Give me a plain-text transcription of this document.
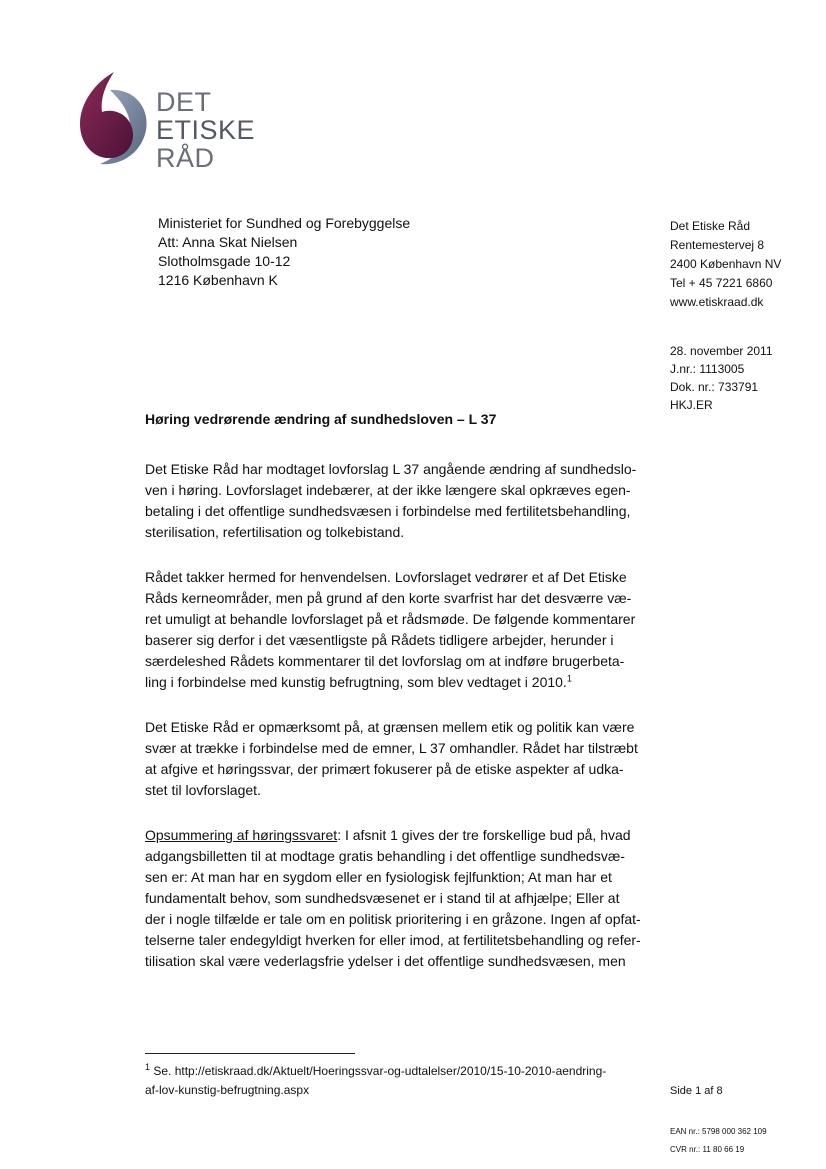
DET
ETISKE
RÅD
Ministeriet for Sundhed og Forebyggelse
Att: Anna Skat Nielsen
Slotholmsgade 10-12
1216 København K
Det Etiske Råd
Rentemestervej 8
2400 København NV
Tel + 45 7221 6860
www.etiskraad.dk
28. november 2011
J.nr.: 1113005
Dok. nr.: 733791
HKJ.ER
Høring vedrørende ændring af sundhedsloven – L 37

Det Etiske Råd har modtaget lovforslag L 37 angående ændring af sundhedslo-
ven i høring. Lovforslaget indebærer, at der ikke længere skal opkræves egen-
betaling i det offentlige sundhedsvæsen i forbindelse med fertilitetsbehandling,
sterilisation, refertilisation og tolkebistand.

Rådet takker hermed for henvendelsen. Lovforslaget vedrører et af Det Etiske
Råds kerneområder, men på grund af den korte svarfrist har det desværre væ-
ret umuligt at behandle lovforslaget på et rådsmøde. De følgende kommentarer
baserer sig derfor i det væsentligste på Rådets tidligere arbejder, herunder i
særdeleshed Rådets kommentarer til det lovforslag om at indføre brugerbeta-
ling i forbindelse med kunstig befrugtning, som blev vedtaget i 2010.$^1$

Det Etiske Råd er opmærksomt på, at grænsen mellem etik og politik kan være
svær at trække i forbindelse med de emner, L 37 omhandler. Rådet har tilstræbt
at afgive et høringssvar, der primært fokuserer på de etiske aspekter af udka-
stet til lovforslaget.

Opsummering af høringssvaret: I afsnit 1 gives der tre forskellige bud på, hvad
adgangsbilletten til at modtage gratis behandling i det offentlige sundhedsvæ-
sen er: At man har en sygdom eller en fysiologisk fejlfunktion; At man har et
fundamentalt behov, som sundhedsvæsenet er i stand til at afhjælpe; Eller at
der i nogle tilfælde er tale om en politisk prioritering i en gråzone. Ingen af opfat-
telserne taler endegyldigt hverken for eller imod, at fertilitetsbehandling og refer-
tilisation skal være vederlagsfrie ydelser i det offentlige sundhedsvæsen, men

$^1$ Se. http://etiskraad.dk/Aktuelt/Hoeringssvar-og-udtalelser/2010/15-10-2010-aendring-
af-lov-kunstig-befrugtning.aspx	Side 1 af 8
EAN nr.: 5798 000 362 109
CVR nr.: 11 80 66 19
